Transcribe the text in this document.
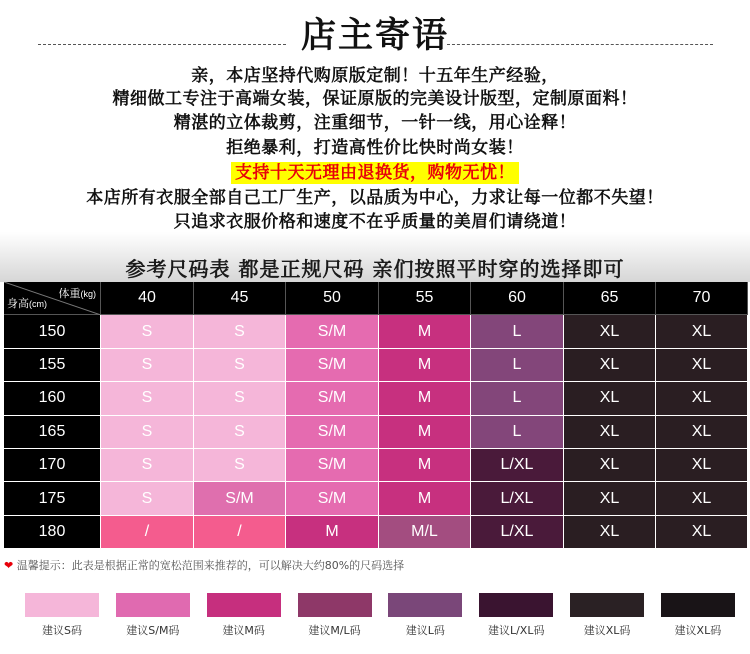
店主寄语
亲，本店坚持代购原版定制！十五年生产经验，
精细做工专注于高端女装，保证原版的完美设计版型，定制原面料！
精湛的立体裁剪，注重细节，一针一线，用心诠释！
拒绝暴利，打造高性价比快时尚女装！
支持十天无理由退换货，购物无忧！
本店所有衣服全部自己工厂生产，以品质为中心，力求让每一位都不失望！
只追求衣服价格和速度不在乎质量的美眉们请绕道！
参考尺码表 都是正规尺码 亲们按照平时穿的选择即可
体重(kg)
身高(cm)	40	45	50	55	60	65	70
150	S	S	S/M	M	L	XL	XL
155	S	S	S/M	M	L	XL	XL
160	S	S	S/M	M	L	XL	XL
165	S	S	S/M	M	L	XL	XL
170	S	S	S/M	M	L/XL	XL	XL
175	S	S/M	S/M	M	L/XL	XL	XL
180	/	/	M	M/L	L/XL	XL	XL
❤ 温馨提示：此表是根据正常的宽松范围来推荐的，可以解决大约80%的尺码选择
建议S码	建议S/M码	建议M码	建议M/L码	建议L码	建议L/XL码	建议XL码	建议XL码
